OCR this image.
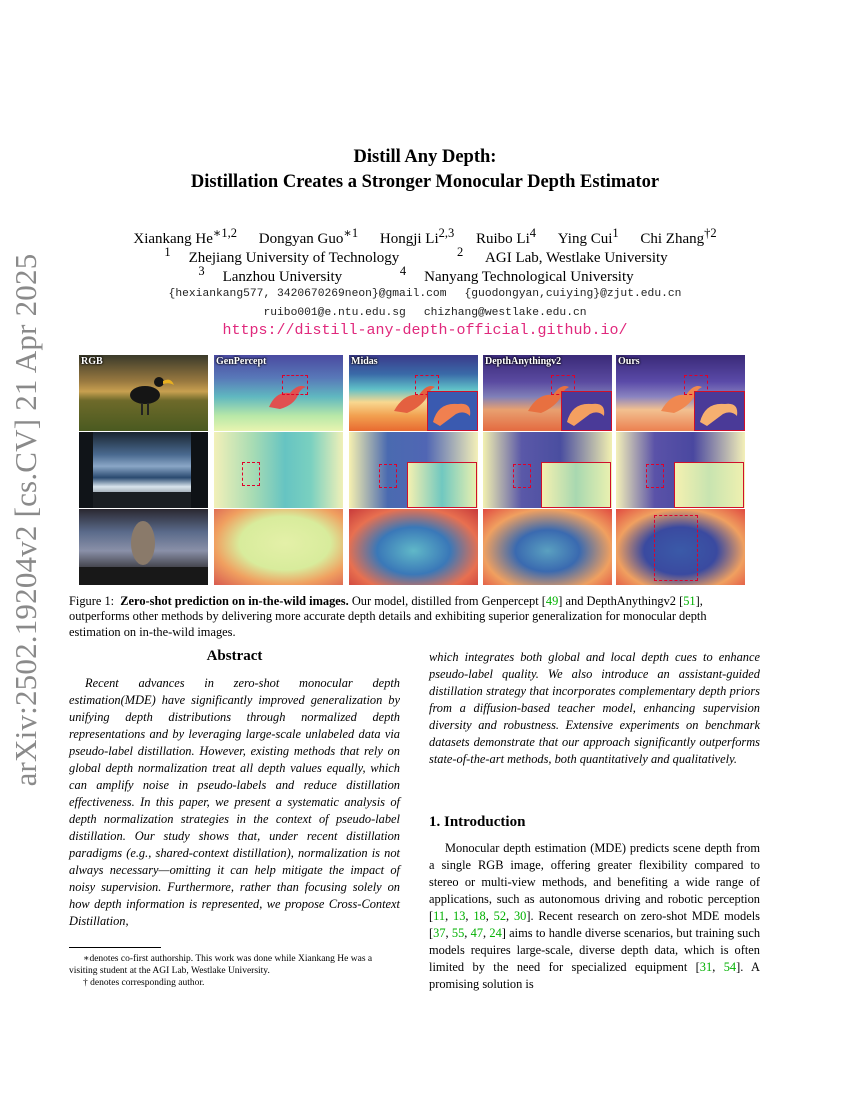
arXiv:2502.19204v2 [cs.CV] 21 Apr 2025
Distill Any Depth:
Distillation Creates a Stronger Monocular Depth Estimator
Xiankang $He^{∗1,2}$ Dongyan Guo$^{∗1}$ Hongji Li$^{2,3}$ Ruibo Li$^4$ Ying Cui$^1$ Chi Zhang$^{\dagger 2}$
$^1$ Zhejiang University of Technology	$^2$ AGI Lab, Westlake University
$^3$ Lanzhou University	$^4$ Nanyang Technological University
{hexiankang577, 3420670269neon}@gmail.com {guodongyan,cuiying}@zjut.edu.cn
ruibo001@e.ntu.edu.sg chizhang@westlake.edu.cn
https://distill-any-depth-official.github.io/
RGB	GenPercept	Midas	DepthAnythingv2	Ours
Figure 1: Zero-shot prediction on in-the-wild images. Our model, distilled from Genpercept [49] and DepthAnythingv2 [51], outperforms other methods by delivering more accurate depth details and exhibiting superior generalization for monocular depth estimation on in-the-wild images.
Abstract
Recent advances in zero-shot monocular depth estimation(MDE) have significantly improved generalization by unifying depth distributions through normalized depth representations and by leveraging large-scale unlabeled data via pseudo-label distillation. However, existing methods that rely on global depth normalization treat all depth values equally, which can amplify noise in pseudo-labels and reduce distillation effectiveness. In this paper, we present a systematic analysis of depth normalization strategies in the context of pseudo-label distillation. Our study shows that, under recent distillation paradigms (e.g., shared-context distillation), normalization is not always necessary—omitting it can help mitigate the impact of noisy supervision. Furthermore, rather than focusing solely on how depth information is represented, we propose Cross-Context Distillation,
which integrates both global and local depth cues to enhance pseudo-label quality. We also introduce an assistant-guided distillation strategy that incorporates complementary depth priors from a diffusion-based teacher model, enhancing supervision diversity and robustness. Extensive experiments on benchmark datasets demonstrate that our approach significantly outperforms state-of-the-art methods, both quantitatively and qualitatively.
1. Introduction
Monocular depth estimation (MDE) predicts scene depth from a single RGB image, offering greater flexibility compared to stereo or multi-view methods, and benefiting a wide range of applications, such as autonomous driving and robotic perception [11, 13, 18, 52, 30]. Recent research on zero-shot MDE models [37, 55, 47, 24] aims to handle diverse scenarios, but training such models requires large-scale, diverse depth data, which is often limited by the need for specialized equipment [31, 54]. A promising solution is
∗denotes co-first authorship. This work was done while Xiankang He was a visiting student at the AGI Lab, Westlake University.
† denotes corresponding author.
